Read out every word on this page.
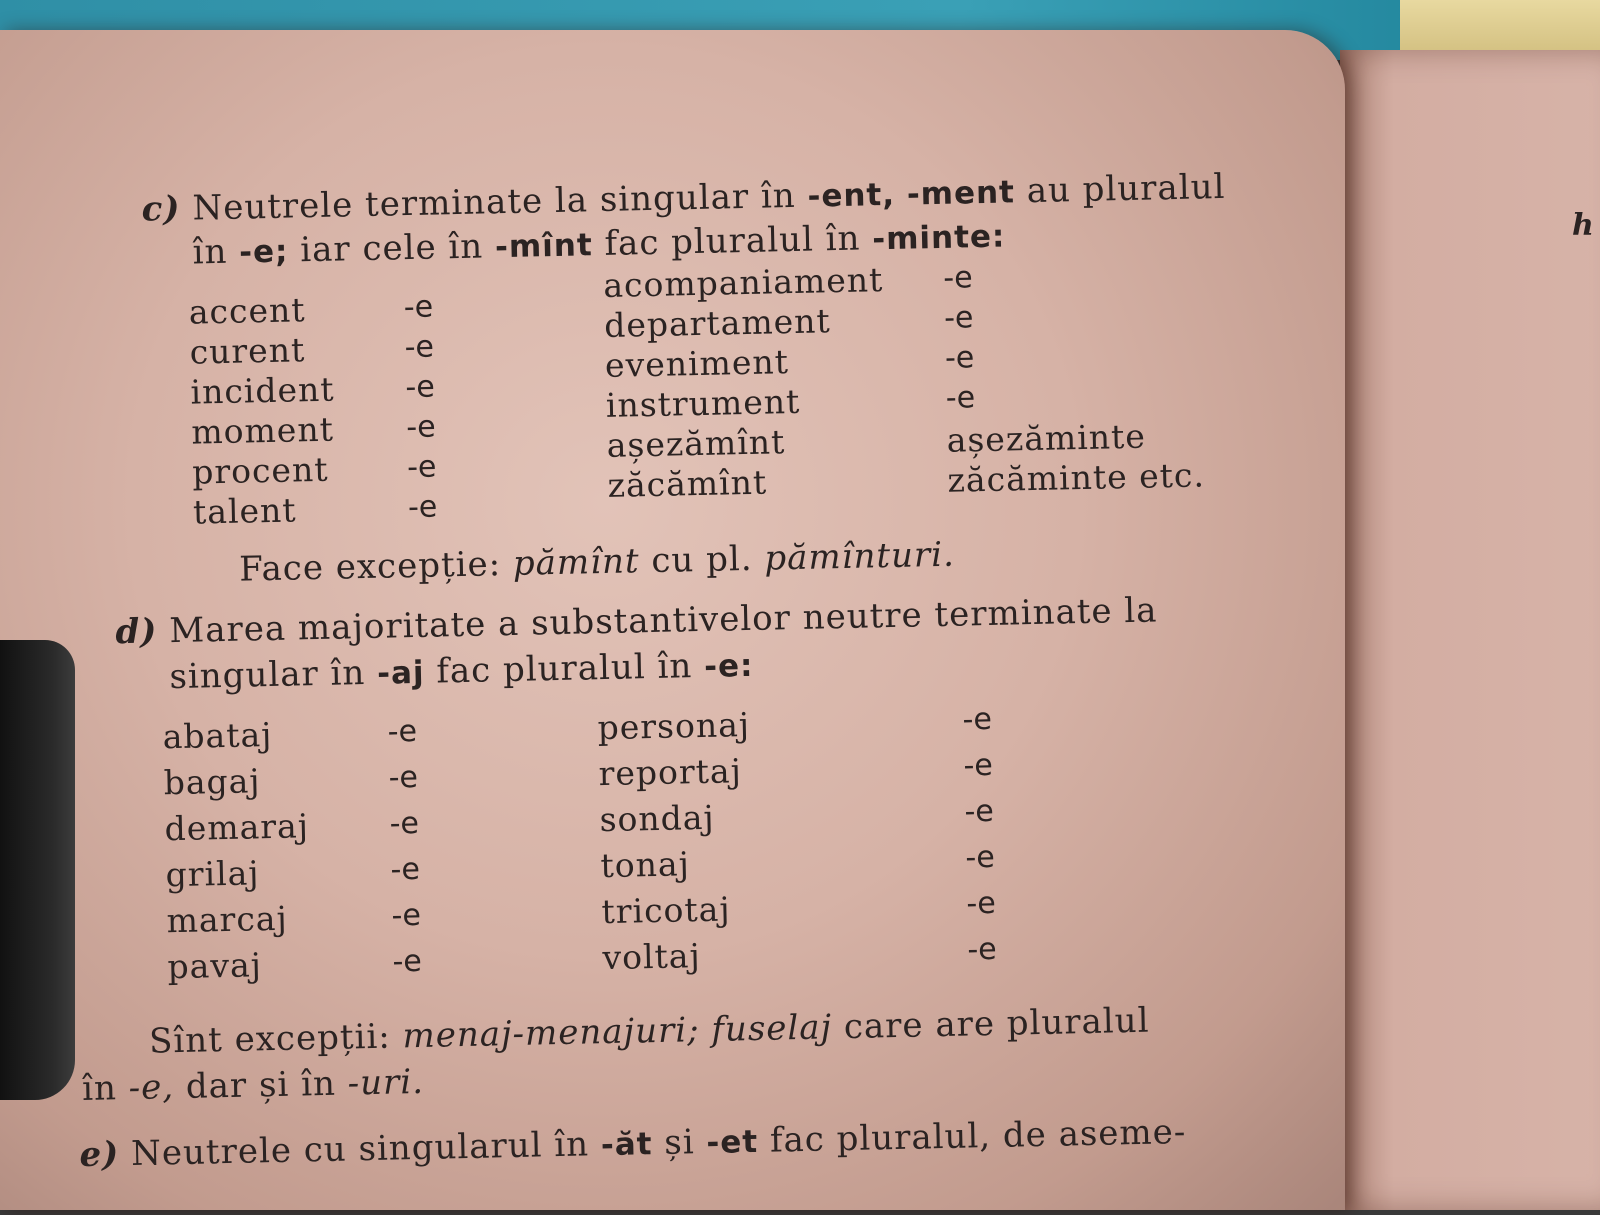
h
c) Neutrele terminate la singular în -ent, -ment au pluralul
în -e; iar cele în -mînt fac pluralul în -minte:
accent	-e
curent	-e
incident -e
moment -e
procent	-e
talent	-e
acompaniament -e
departament	-e
eveniment	-e
instrument	-e
așezămînt	așezăminte
zăcămînt	zăcăminte etc.
Face excepție: pămînt cu pl. pămînturi.
d) Marea majoritate a substantivelor neutre terminate la
singular în -aj fac pluralul în -e:
abataj	-e
bagaj	-e
demaraj	-e
grilaj	-e
marcaj	-e
pavaj	-e
personaj	-e
reportaj	-e
sondaj	-e
tonaj	-e
tricotaj	-e
voltaj	-e
Sînt excepții: menaj-menajuri; fuselaj care are pluralul
în -e, dar și în -uri.
e) Neutrele cu singularul în -ăt și -et fac pluralul, de aseme-
